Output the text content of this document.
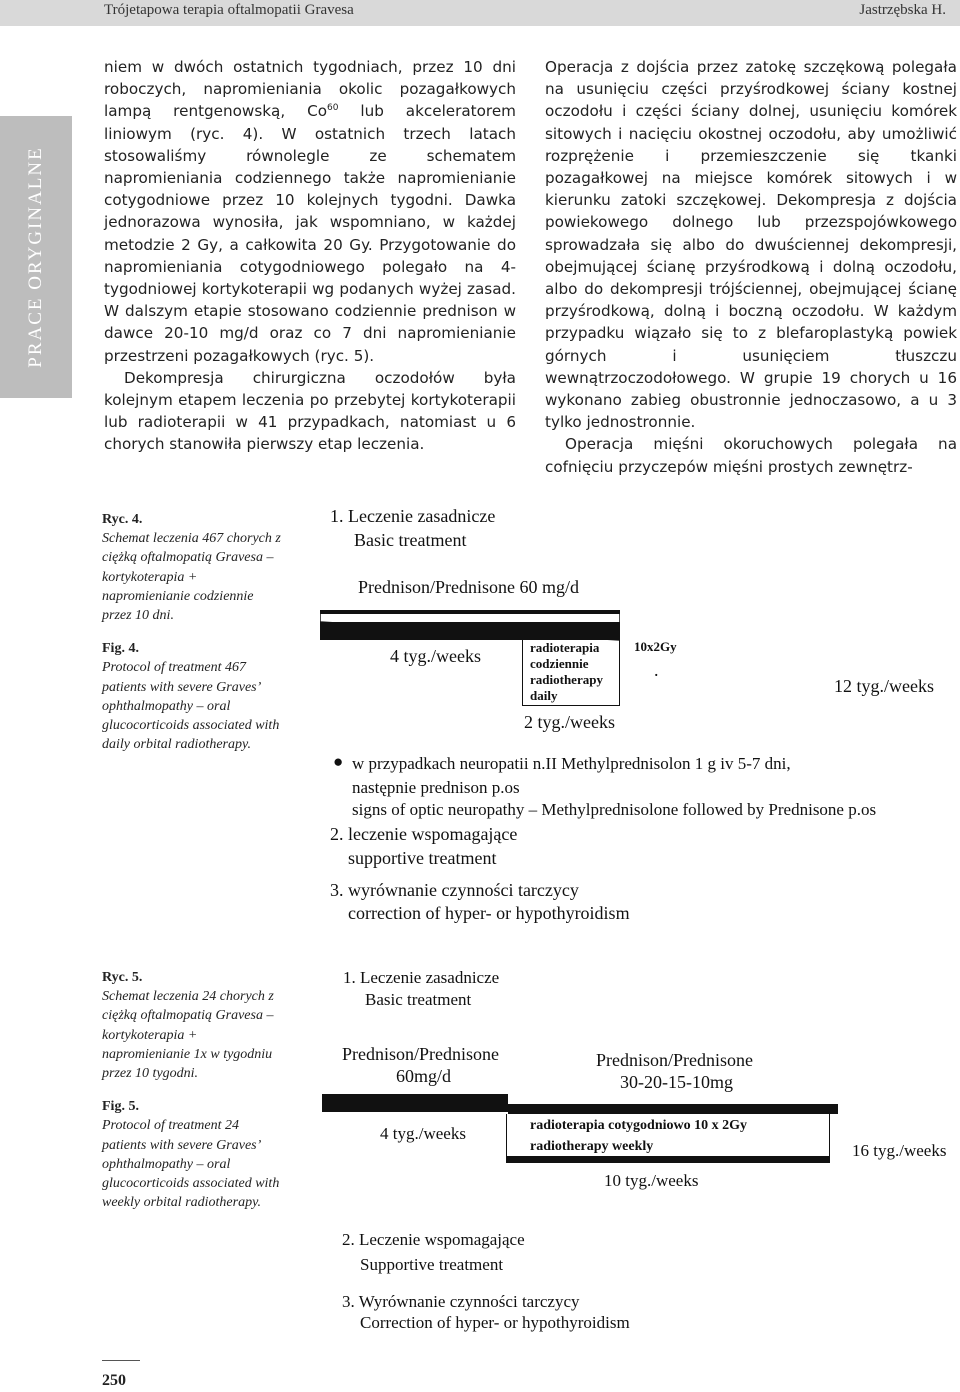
Trójetapowa terapia oftalmopatii Gravesa	Jastrzębska H.
PRACE ORYGINALNE

niem w dwóch ostatnich tygodniach, przez 10 dni roboczych, napromieniania okolic pozagałkowych lampą rentgenowską, Co$^{60}$ lub akceleratorem liniowym (ryc. 4). W ostatnich trzech latach stosowaliśmy równolegle ze schematem napromieniania codziennego także napromienianie cotygodniowe przez 10 kolejnych tygodni. Dawka jednorazowa wynosiła, jak wspomniano, w każdej metodzie 2 Gy, a całkowita 20 Gy. Przygotowanie do napromieniania cotygodniowego polegało na 4-tygodniowej kortykoterapii wg podanych wyżej zasad. W dalszym etapie stosowano codziennie prednison w dawce 20-10 mg/d oraz co 7 dni napromienianie przestrzeni pozagałkowych (ryc. 5).

Dekompresja chirurgiczna oczodołów była kolejnym etapem leczenia po przebytej kortykoterapii lub radioterapii w 41 przypadkach, natomiast u 6 chorych stanowiła pierwszy etap leczenia.

Operacja z dojścia przez zatokę szczękową polegała na usunięciu części przyśrodkowej ściany kostnej oczodołu i części ściany dolnej, usunięciu komórek sitowych i nacięciu okostnej oczodołu, aby umożliwić rozprężenie i przemieszczenie się tkanki pozagałkowej na miejsce komórek sitowych i w kierunku zatoki szczękowej. Dekompresja z dojścia powiekowego dolnego lub przezspojówkowego sprowadzała się albo do dwuściennej dekompresji, obejmującej ścianę przyśrodkową i dolną oczodołu, albo do dekompresji trójściennej, obejmującej ścianę przyśrodkową, dolną i boczną oczodołu. W każdym przypadku wiązało się to z blefaroplastyką powiek górnych i usunięciem tłuszczu wewnątrzoczodołowego. W grupie 19 chorych u 16 wykonano zabieg obustronnie jednoczasowo, a u 3 tylko jednostronnie.

Operacja mięśni okoruchowych polegała na cofnięciu przyczepów mięśni prostych zewnętrz-

Ryc. 4.
Schemat leczenia 467 chorych z ciężką oftalmopatią Gravesa – kortykoterapia + napromienianie codziennie przez 10 dni.
Fig. 4.
Protocol of treatment 467 patients with severe Graves’ ophthalmopathy – oral glucocorticoids associated with daily orbital radiotherapy.
1. Leczenie zasadnicze
Basic treatment
Prednison/Prednisone 60 mg/d
4 tyg./weeks	radioterapia
codziennie
radiotherapy
daily
10x2Gy
.
12 tyg./weeks
2 tyg./weeks
● w przypadkach neuropatii n.II Methylprednisolon 1 g iv 5-7 dni,
następnie prednison p.os
signs of optic neuropathy – Methylprednisolone followed by Prednisone p.os
2. leczenie wspomagające
supportive treatment
3. wyrównanie czynności tarczycy
correction of hyper- or hypothyroidism
Ryc. 5.
Schemat leczenia 24 chorych z ciężką oftalmopatią Gravesa – kortykoterapia + napromienianie 1x w tygodniu przez 10 tygodni.
Fig. 5.
Protocol of treatment 24 patients with severe Graves’ ophthalmopathy – oral glucocorticoids associated with weekly orbital radiotherapy.
1. Leczenie zasadnicze
Basic treatment
Prednison/Prednisone
60mg/d
Prednison/Prednisone
30-20-15-10mg
4 tyg./weeks	radioterapia cotygodniowo 10 x 2Gy
radiotherapy weekly
10 tyg./weeks
16 tyg./weeks
2. Leczenie wspomagające
Supportive treatment
3. Wyrównanie czynności tarczycy
Correction of hyper- or hypothyroidism
250
